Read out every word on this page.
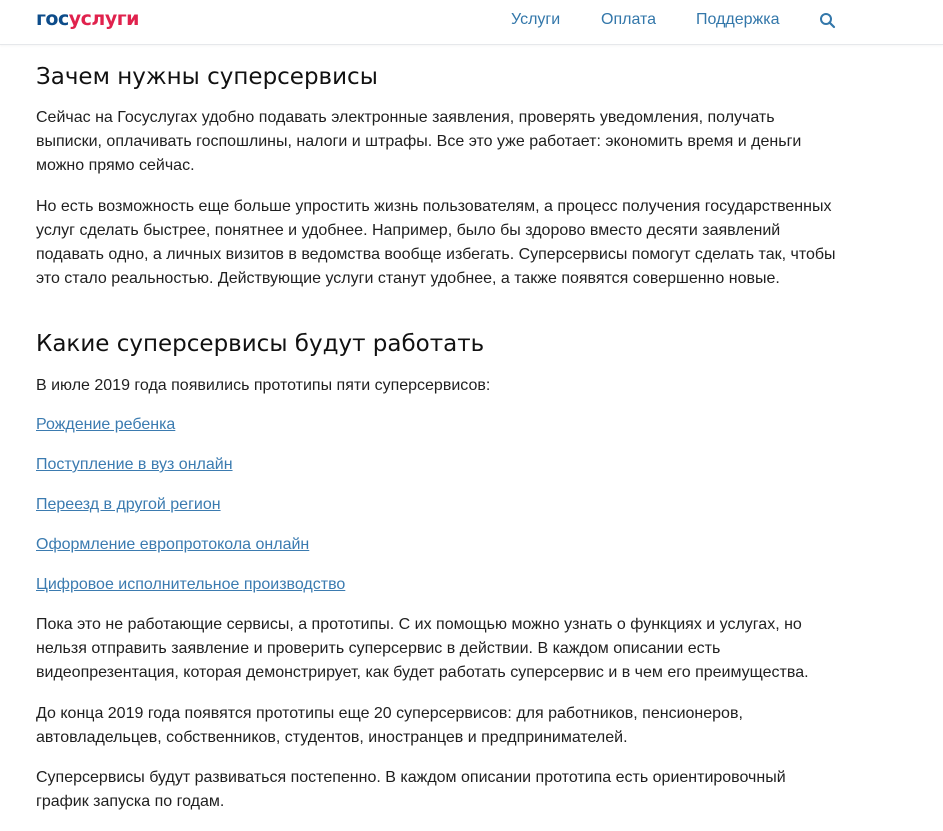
госуслуги	Услуги	Оплата Поддержка
Зачем нужны суперсервисы

Сейчас на Госуслугах удобно подавать электронные заявления, проверять уведомления, получать
выписки, оплачивать госпошлины, налоги и штрафы. Все это уже работает: экономить время и деньги
можно прямо сейчас.

Но есть возможность еще больше упростить жизнь пользователям, а процесс получения государственных
услуг сделать быстрее, понятнее и удобнее. Например, было бы здорово вместо десяти заявлений
подавать одно, а личных визитов в ведомства вообще избегать. Суперсервисы помогут сделать так, чтобы
это стало реальностью. Действующие услуги станут удобнее, а также появятся совершенно новые.

Какие суперсервисы будут работать

В июле 2019 года появились прототипы пяти суперсервисов:

Рождение ребенка
Поступление в вуз онлайн
Переезд в другой регион
Оформление европротокола онлайн
Цифровое исполнительное производство

Пока это не работающие сервисы, а прототипы. С их помощью можно узнать о функциях и услугах, но
нельзя отправить заявление и проверить суперсервис в действии. В каждом описании есть
видеопрезентация, которая демонстрирует, как будет работать суперсервис и в чем его преимущества.

До конца 2019 года появятся прототипы еще 20 суперсервисов: для работников, пенсионеров,
автовладельцев, собственников, студентов, иностранцев и предпринимателей.

Суперсервисы будут развиваться постепенно. В каждом описании прототипа есть ориентировочный
график запуска по годам.
